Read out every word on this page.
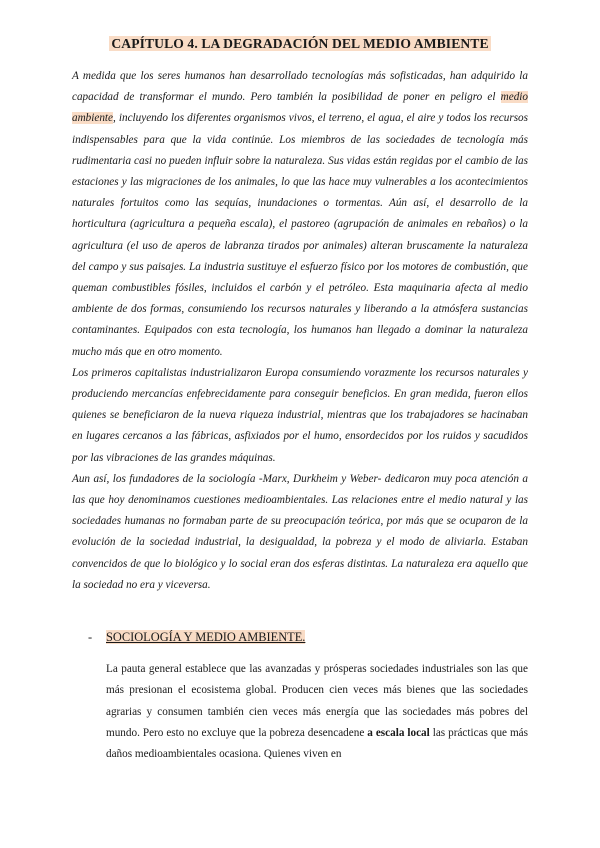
CAPÍTULO 4. LA DEGRADACIÓN DEL MEDIO AMBIENTE

A medida que los seres humanos han desarrollado tecnologías más sofisticadas, han adquirido la capacidad de transformar el mundo. Pero también la posibilidad de poner en peligro el medio ambiente, incluyendo los diferentes organismos vivos, el terreno, el agua, el aire y todos los recursos indispensables para que la vida continúe. Los miembros de las sociedades de tecnología más rudimentaria casi no pueden influir sobre la naturaleza. Sus vidas están regidas por el cambio de las estaciones y las migraciones de los animales, lo que las hace muy vulnerables a los acontecimientos naturales fortuitos como las sequías, inundaciones o tormentas. Aún así, el desarrollo de la horticultura (agricultura a pequeña escala), el pastoreo (agrupación de animales en rebaños) o la agricultura (el uso de aperos de labranza tirados por animales) alteran bruscamente la naturaleza del campo y sus paisajes. La industria sustituye el esfuerzo físico por los motores de combustión, que queman combustibles fósiles, incluidos el carbón y el petróleo. Esta maquinaria afecta al medio ambiente de dos formas, consumiendo los recursos naturales y liberando a la atmósfera sustancias contaminantes. Equipados con esta tecnología, los humanos han llegado a dominar la naturaleza mucho más que en otro momento.

Los primeros capitalistas industrializaron Europa consumiendo vorazmente los recursos naturales y produciendo mercancías enfebrecidamente para conseguir beneficios. En gran medida, fueron ellos quienes se beneficiaron de la nueva riqueza industrial, mientras que los trabajadores se hacinaban en lugares cercanos a las fábricas, asfixiados por el humo, ensordecidos por los ruidos y sacudidos por las vibraciones de las grandes máquinas.

Aun así, los fundadores de la sociología -Marx, Durkheim y Weber- dedicaron muy poca atención a las que hoy denominamos cuestiones medioambientales. Las relaciones entre el medio natural y las sociedades humanas no formaban parte de su preocupación teórica, por más que se ocuparon de la evolución de la sociedad industrial, la desigualdad, la pobreza y el modo de aliviarla. Estaban convencidos de que lo biológico y lo social eran dos esferas distintas. La naturaleza era aquello que la sociedad no era y viceversa.

- SOCIOLOGÍA Y MEDIO AMBIENTE.

La pauta general establece que las avanzadas y prósperas sociedades industriales son las que más presionan el ecosistema global. Producen cien veces más bienes que las sociedades agrarias y consumen también cien veces más energía que las sociedades más pobres del mundo. Pero esto no excluye que la pobreza desencadene a escala local las prácticas que más daños medioambientales ocasiona. Quienes viven en
